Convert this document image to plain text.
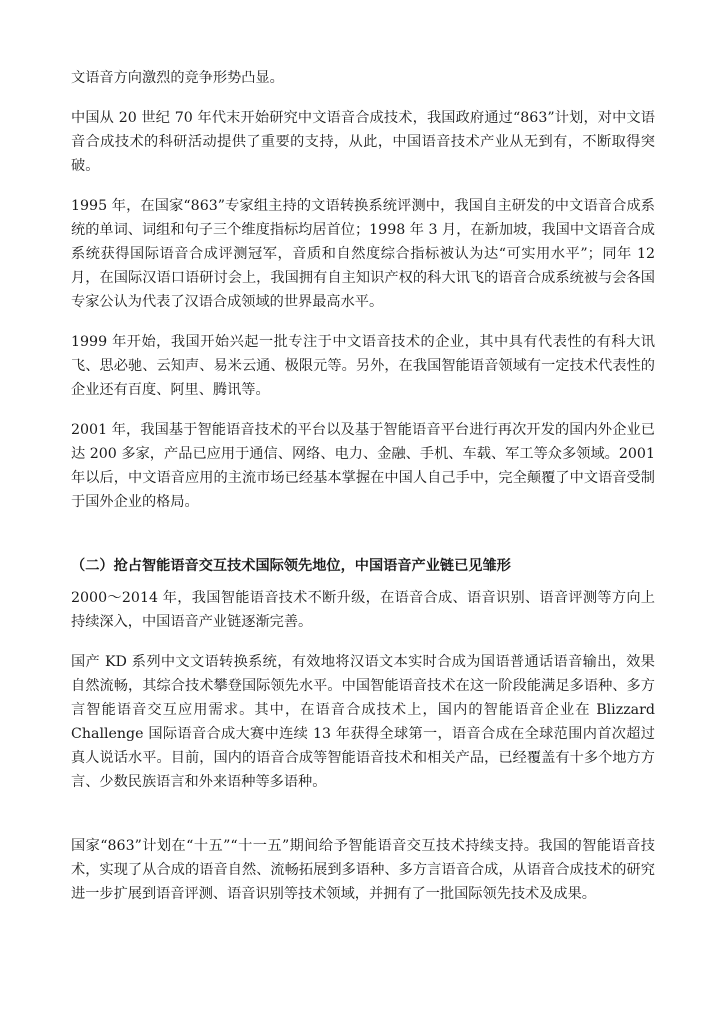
文语音方向激烈的竞争形势凸显。

中国从 20 世纪 70 年代末开始研究中文语音合成技术，我国政府通过“863”计划，对中文语音合成技术的科研活动提供了重要的支持，从此，中国语音技术产业从无到有，不断取得突破。

1995 年，在国家“863”专家组主持的文语转换系统评测中，我国自主研发的中文语音合成系统的单词、词组和句子三个维度指标均居首位；1998 年 3 月，在新加坡，我国中文语音合成系统获得国际语音合成评测冠军，音质和自然度综合指标被认为达“可实用水平”；同年 12 月，在国际汉语口语研讨会上，我国拥有自主知识产权的科大讯飞的语音合成系统被与会各国专家公认为代表了汉语合成领域的世界最高水平。

1999 年开始，我国开始兴起一批专注于中文语音技术的企业，其中具有代表性的有科大讯飞、思必驰、云知声、易米云通、极限元等。另外，在我国智能语音领域有一定技术代表性的企业还有百度、阿里、腾讯等。

2001 年，我国基于智能语音技术的平台以及基于智能语音平台进行再次开发的国内外企业已达 200 多家，产品已应用于通信、网络、电力、金融、手机、车载、军工等众多领域。2001 年以后，中文语音应用的主流市场已经基本掌握在中国人自己手中，完全颠覆了中文语音受制于国外企业的格局。

（二）抢占智能语音交互技术国际领先地位，中国语音产业链已见雏形

2000～2014 年，我国智能语音技术不断升级，在语音合成、语音识别、语音评测等方向上持续深入，中国语音产业链逐渐完善。

国产 KD 系列中文文语转换系统，有效地将汉语文本实时合成为国语普通话语音输出，效果自然流畅，其综合技术攀登国际领先水平。中国智能语音技术在这一阶段能满足多语种、多方言智能语音交互应用需求。其中，在语音合成技术上，国内的智能语音企业在 Blizzard Challenge 国际语音合成大赛中连续 13 年获得全球第一，语音合成在全球范围内首次超过真人说话水平。目前，国内的语音合成等智能语音技术和相关产品，已经覆盖有十多个地方方言、少数民族语言和外来语种等多语种。

国家“863”计划在“十五”“十一五”期间给予智能语音交互技术持续支持。我国的智能语音技术，实现了从合成的语音自然、流畅拓展到多语种、多方言语音合成，从语音合成技术的研究进一步扩展到语音评测、语音识别等技术领域，并拥有了一批国际领先技术及成果。
